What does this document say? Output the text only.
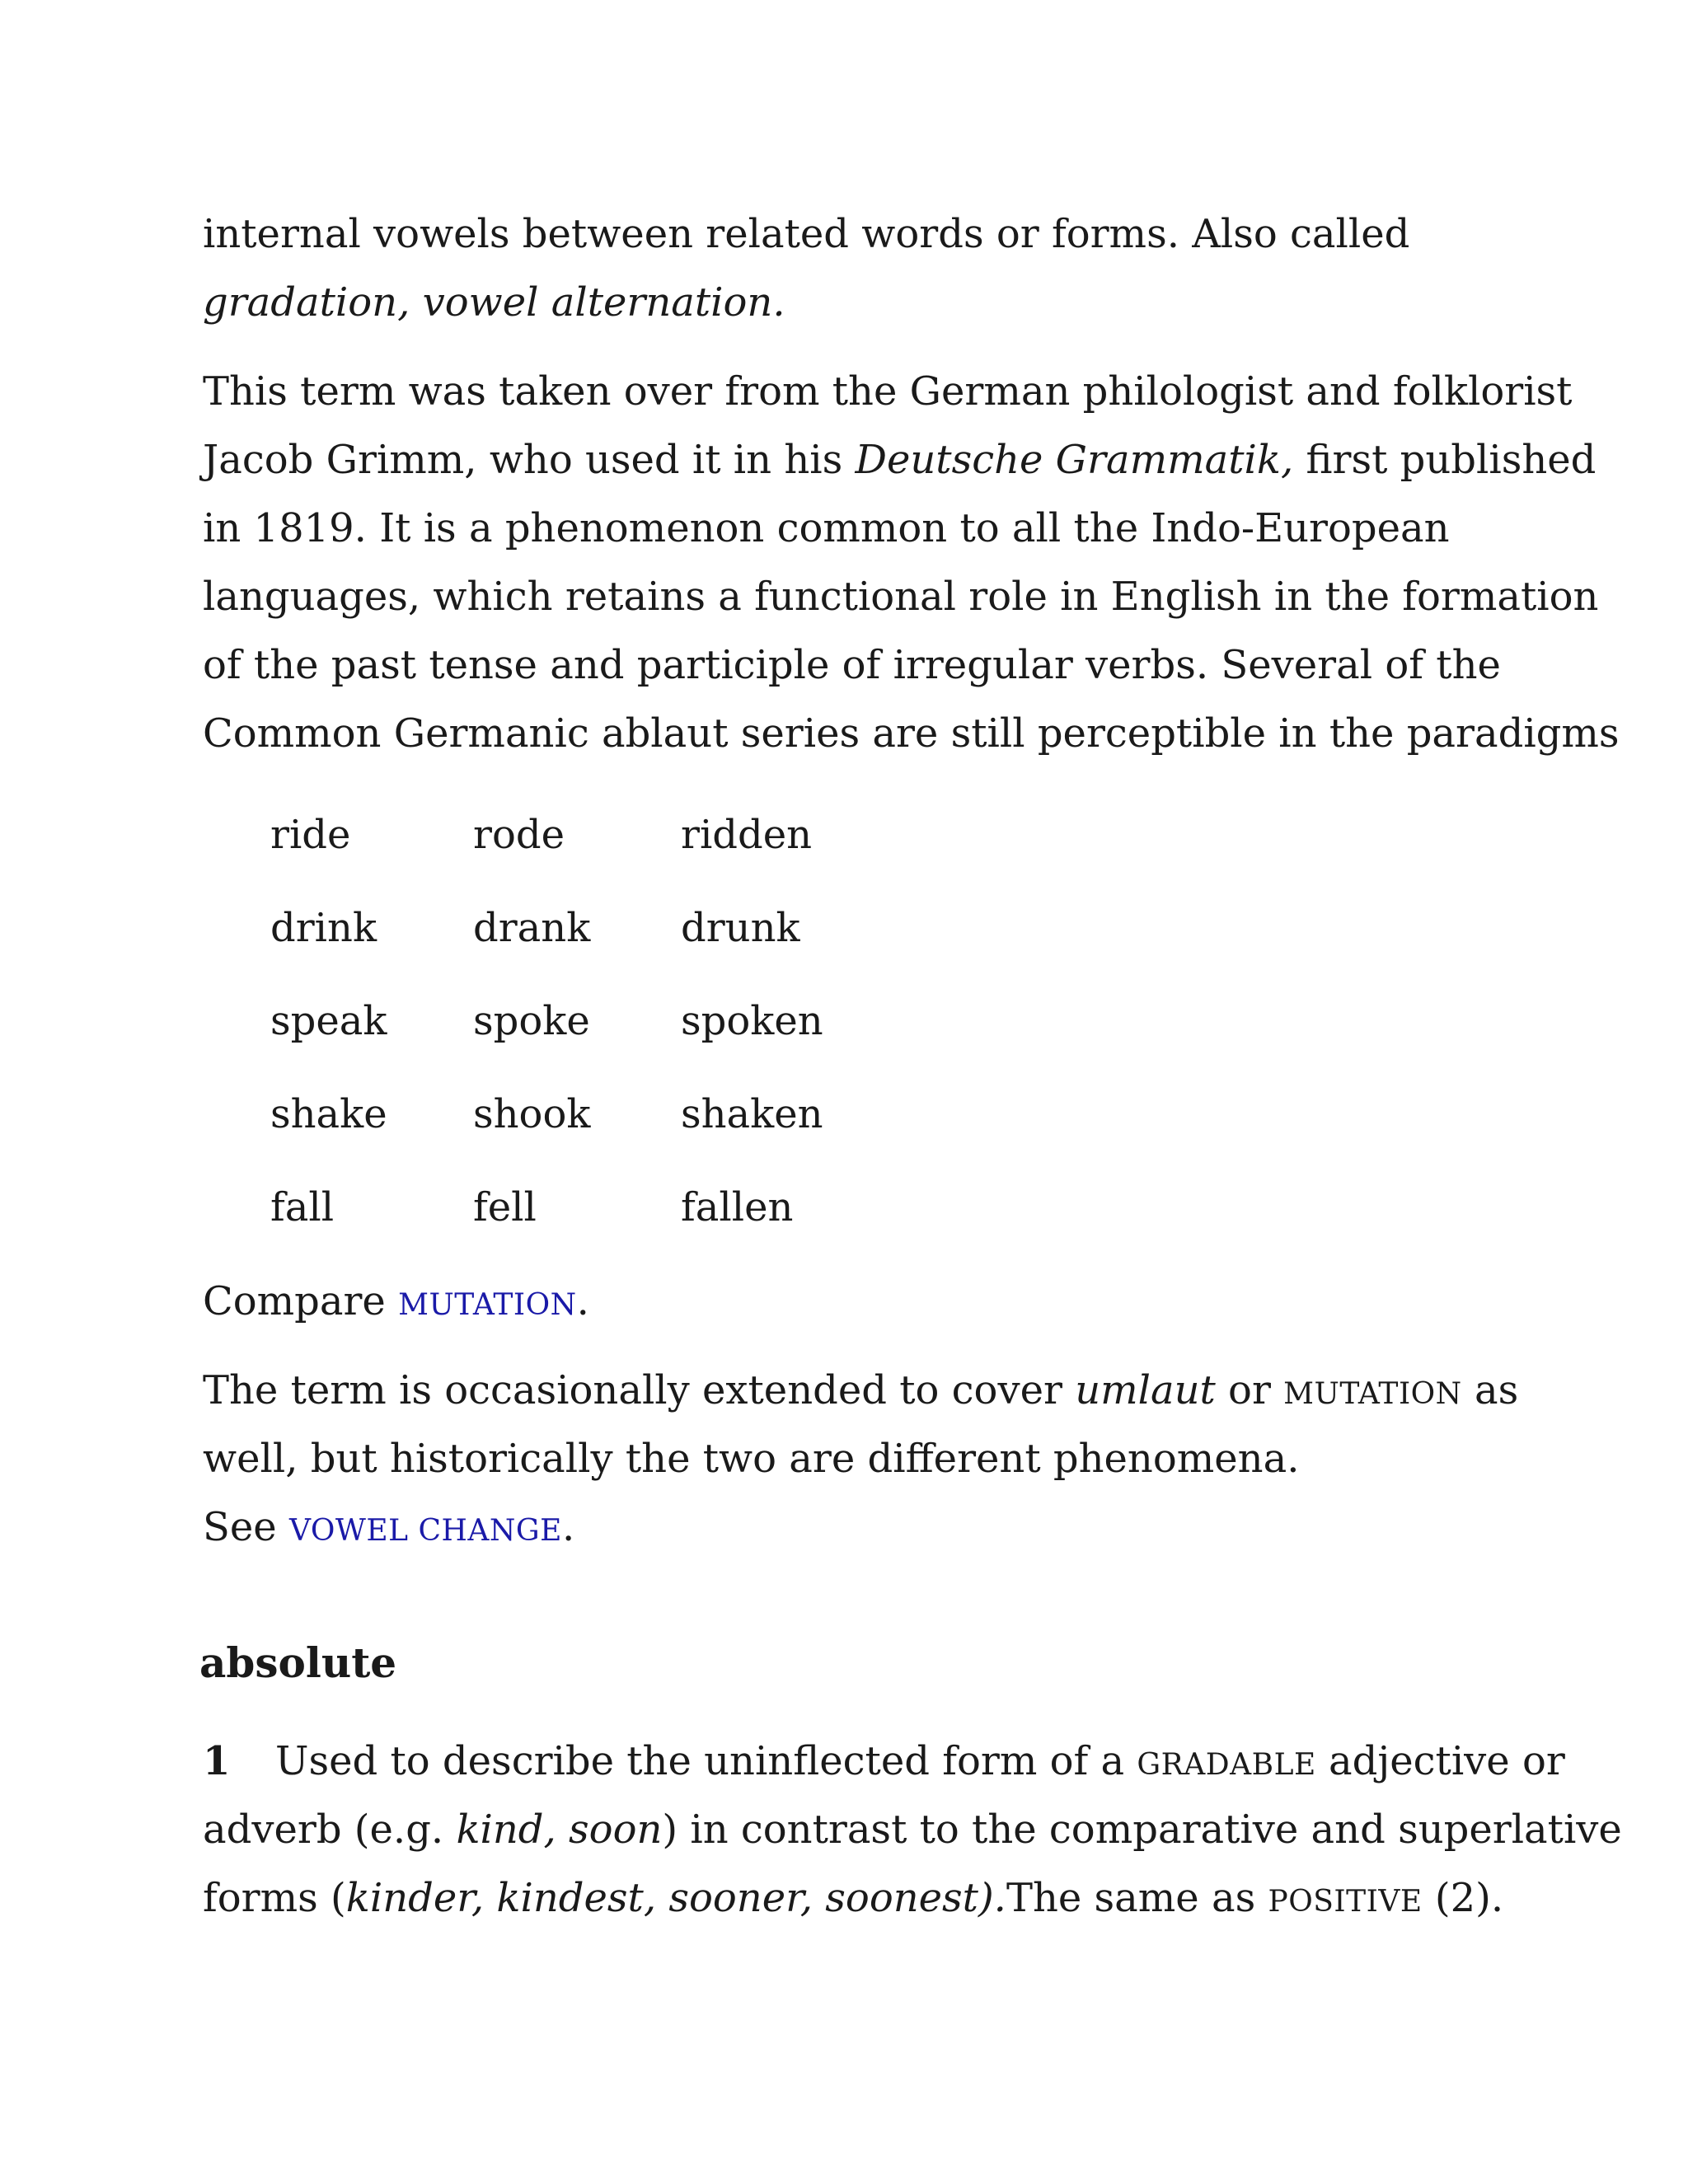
internal vowels between related words or forms. Also called
gradation, vowel alternation.
This term was taken over from the German philologist and folklorist
Jacob Grimm, who used it in his Deutsche Grammatik, first published
in 1819. It is a phenomenon common to all the Indo-European
languages, which retains a functional role in English in the formation
of the past tense and participle of irregular verbs. Several of the
Common Germanic ablaut series are still perceptible in the paradigms
ride	rode	ridden
drink drank drunk
speak spoke spoken
shake shook shaken
fall	fell	fallen
Compare MUTATION.
The term is occasionally extended to cover umlaut or MUTATION as
well, but historically the two are different phenomena.
See VOWEL CHANGE.
absolute
1 Used to describe the uninflected form of a GRADABLE adjective or
adverb (e.g. kind, soon) in contrast to the comparative and superlative
forms (kinder, kindest, sooner, soonest).The same as POSITIVE (2).
